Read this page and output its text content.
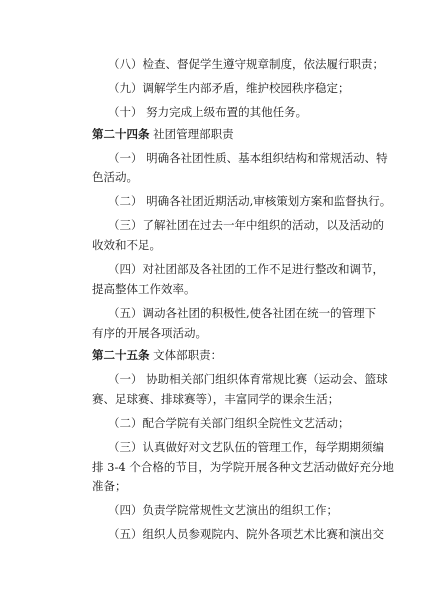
（八）检查、督促学生遵守规章制度，依法履行职责；

（九）调解学生内部矛盾，维护校园秩序稳定；

（十） 努力完成上级布置的其他任务。

第二十四条 社团管理部职责

（一） 明确各社团性质、基本组织结构和常规活动、特

色活动。

（二） 明确各社团近期活动,审核策划方案和监督执行。

（三）了解社团在过去一年中组织的活动，以及活动的

收效和不足。

（四）对社团部及各社团的工作不足进行整改和调节，

提高整体工作效率。

（五）调动各社团的积极性,使各社团在统一的管理下

有序的开展各项活动。

第二十五条 文体部职责：

（一） 协助相关部门组织体育常规比赛（运动会、篮球

赛、足球赛、排球赛等），丰富同学的课余生活；

（二）配合学院有关部门组织全院性文艺活动；

（三）认真做好对文艺队伍的管理工作，每学期期须编

排 3-4 个合格的节目，为学院开展各种文艺活动做好充分地

准备；

（四）负责学院常规性文艺演出的组织工作；

（五）组织人员参观院内、院外各项艺术比赛和演出交
